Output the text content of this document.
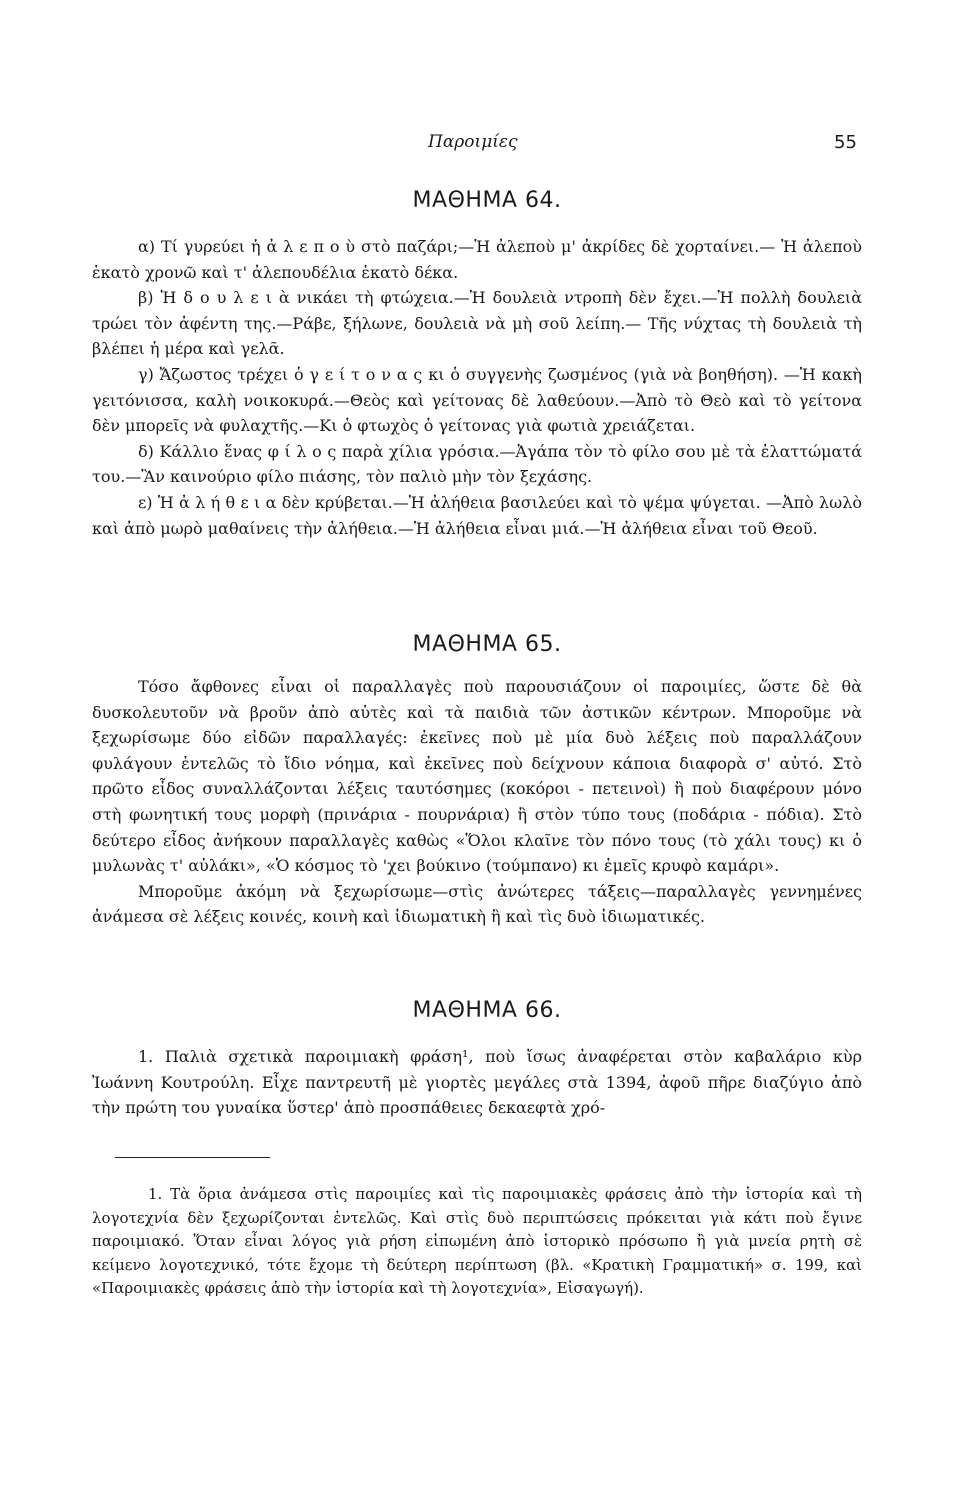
Παροιμίες	55
ΜΑΘΗΜΑ 64.

α) Τί γυρεύει ἡ ἀ λ ε π ο ὺ στὸ παζάρι;—Ἡ ἀλεποὺ μ' ἀκρίδες δὲ χορταίνει.— Ἡ ἀλεποὺ ἑκατὸ χρονῶ καὶ τ' ἀλεπουδέλια ἑκατὸ δέκα.

β) Ἡ δ ο υ λ ε ι ὰ νικάει τὴ φτώχεια.—Ἡ δουλειὰ ντροπὴ δὲν ἔχει.—Ἡ πολλὴ δουλειὰ τρώει τὸν ἀφέντη της.—Ράβε, ξήλωνε, δουλειὰ νὰ μὴ σοῦ λείπη.— Τῆς νύχτας τὴ δουλειὰ τὴ βλέπει ἡ μέρα καὶ γελᾶ.

γ) Ἄζωστος τρέχει ὁ γ ε ί τ ο ν α ς κι ὁ συγγενὴς ζωσμένος (γιὰ νὰ βοηθήση). —Ἡ κακὴ γειτόνισσα, καλὴ νοικοκυρά.—Θεὸς καὶ γείτονας δὲ λαθεύουν.—Ἀπὸ τὸ Θεὸ καὶ τὸ γείτονα δὲν μπορεῖς νὰ φυλαχτῆς.—Κι ὁ φτωχὸς ὁ γείτονας γιὰ φωτιὰ χρειάζεται.

δ) Κάλλιο ἕνας φ ί λ ο ς παρὰ χίλια γρόσια.—Ἀγάπα τὸν τὸ φίλο σου μὲ τὰ ἐλαττώματά του.—Ἂν καινούριο φίλο πιάσης, τὸν παλιὸ μὴν τὸν ξεχάσης.

ε) Ἡ ἀ λ ή θ ε ι α δὲν κρύβεται.—Ἡ ἀλήθεια βασιλεύει καὶ τὸ ψέμα ψύγεται. —Ἀπὸ λωλὸ καὶ ἀπὸ μωρὸ μαθαίνεις τὴν ἀλήθεια.—Ἡ ἀλήθεια εἶναι μιά.—Ἡ ἀλήθεια εἶναι τοῦ Θεοῦ.

ΜΑΘΗΜΑ 65.

Τόσο ἄφθονες εἶναι οἱ παραλλαγὲς ποὺ παρουσιάζουν οἱ παροιμίες, ὥστε δὲ θὰ δυσκολευτοῦν νὰ βροῦν ἀπὸ αὐτὲς καὶ τὰ παιδιὰ τῶν ἀστικῶν κέντρων. Μποροῦμε νὰ ξεχωρίσωμε δύο εἰδῶν παραλλαγές: ἐκεῖνες ποὺ μὲ μία δυὸ λέξεις ποὺ παραλλάζουν φυλάγουν ἐντελῶς τὸ ἴδιο νόημα, καὶ ἐκεῖνες ποὺ δείχνουν κάποια διαφορὰ σ' αὐτό. Στὸ πρῶτο εἶδος συναλλάζονται λέξεις ταυτόσημες (κοκόροι - πετεινοὶ) ἢ ποὺ διαφέρουν μόνο στὴ φωνητική τους μορφὴ (πρινάρια - πουρνάρια) ἢ στὸν τύπο τους (ποδάρια - πόδια). Στὸ δεύτερο εἶδος ἀνήκουν παραλλαγὲς καθὼς «Ὅλοι κλαῖνε τὸν πόνο τους (τὸ χάλι τους) κι ὁ μυλωνὰς τ' αὐλάκι», «Ὁ κόσμος τὸ 'χει βούκινο (τούμπανο) κι ἐμεῖς κρυφὸ καμάρι».

Μποροῦμε ἀκόμη νὰ ξεχωρίσωμε—στὶς ἀνώτερες τάξεις—παραλλαγὲς γεννημένες ἀνάμεσα σὲ λέξεις κοινές, κοινὴ καὶ ἰδιωματικὴ ἢ καὶ τὶς δυὸ ἰδιωματικές.

ΜΑΘΗΜΑ 66.

1. Παλιὰ σχετικὰ παροιμιακὴ φράση¹, ποὺ ἴσως ἀναφέρεται στὸν καβαλάριο κὺρ Ἰωάννη Κουτρούλη. Εἶχε παντρευτῆ μὲ γιορτὲς μεγάλες στὰ 1394, ἀφοῦ πῆρε διαζύγιο ἀπὸ τὴν πρώτη του γυναίκα ὕστερ' ἀπὸ προσπάθειες δεκαεφτὰ χρό-

1. Τὰ ὅρια ἀνάμεσα στὶς παροιμίες καὶ τὶς παροιμιακὲς φράσεις ἀπὸ τὴν ἱστορία καὶ τὴ λογοτεχνία δὲν ξεχωρίζονται ἐντελῶς. Καὶ στὶς δυὸ περιπτώσεις πρόκειται γιὰ κάτι ποὺ ἔγινε παροιμιακό. Ὅταν εἶναι λόγος γιὰ ρήση εἰπωμένη ἀπὸ ἱστορικὸ πρόσωπο ἢ γιὰ μνεία ρητὴ σὲ κείμενο λογοτεχνικό, τότε ἔχομε τὴ δεύτερη περίπτωση (βλ. «Κρατικὴ Γραμματική» σ. 199, καὶ «Παροιμιακὲς φράσεις ἀπὸ τὴν ἱστορία καὶ τὴ λογοτεχνία», Εἰσαγωγή).
